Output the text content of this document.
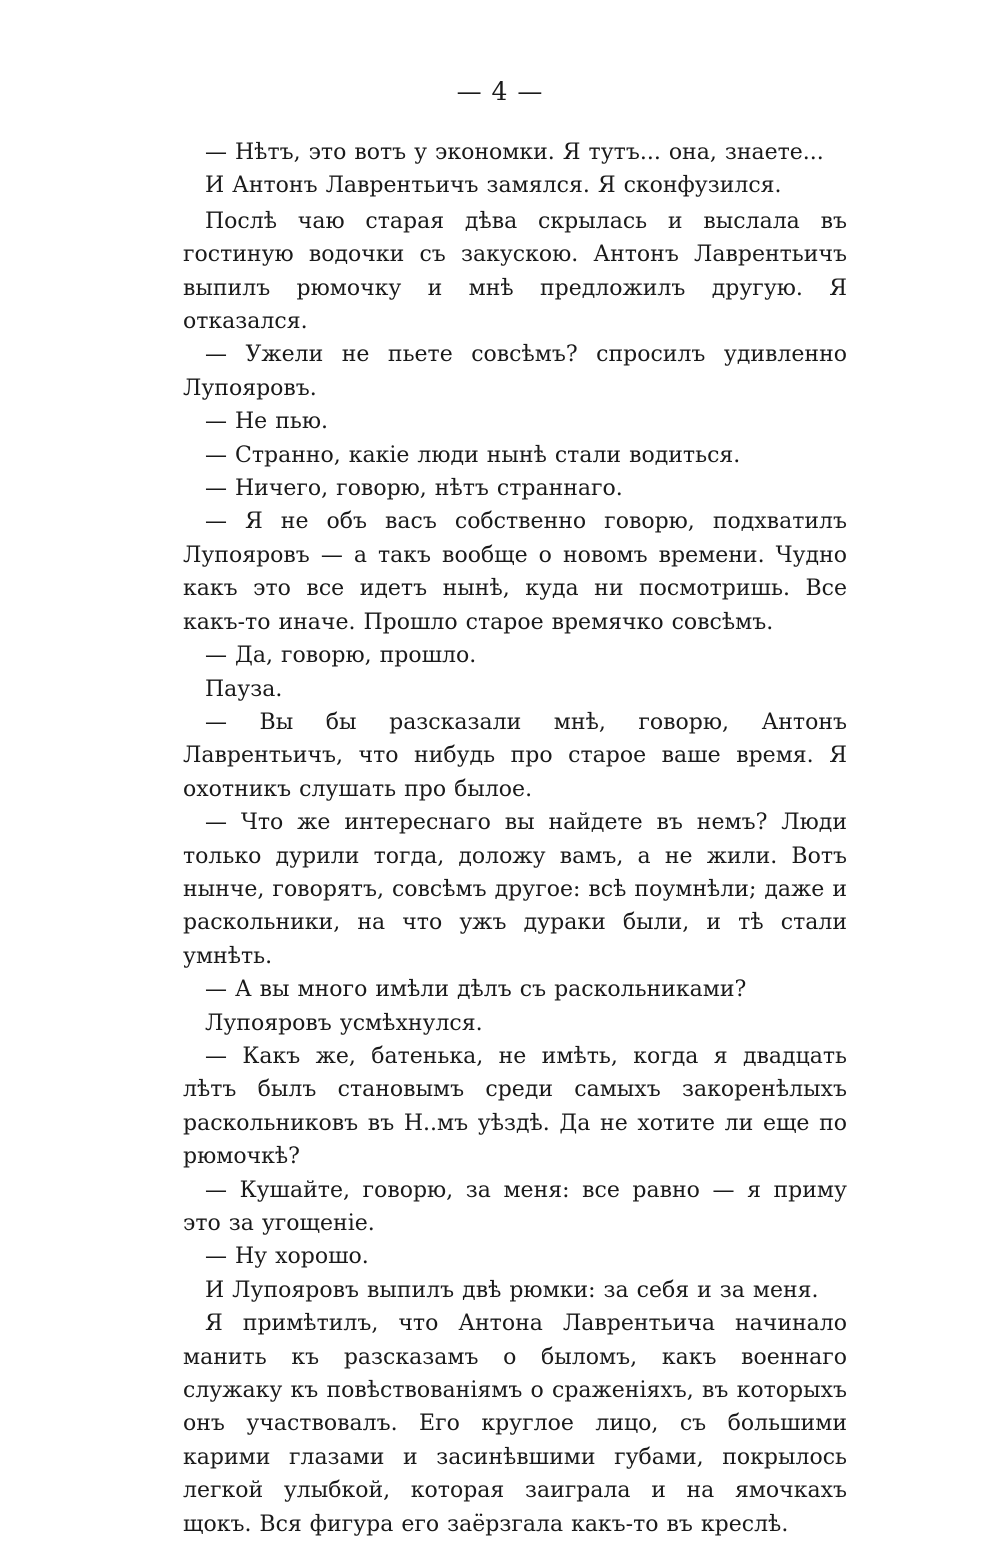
— 4 —

— Нѣтъ, это вотъ у экономки. Я тутъ... она, знаете...

И Антонъ Лаврентьичъ замялся. Я сконфузился.

Послѣ чаю старая дѣва скрылась и выслала въ гостиную водочки съ закускою. Антонъ Лаврентьичъ выпилъ рюмочку и мнѣ предложилъ другую. Я отказался.

— Ужели не пьете совсѣмъ? спросилъ удивленно Лупояровъ.

— Не пью.

— Странно, какіе люди нынѣ стали водиться.

— Ничего, говорю, нѣтъ страннаго.

— Я не объ васъ собственно говорю, подхватилъ Лупояровъ — а такъ вообще о новомъ времени. Чудно какъ это все идетъ нынѣ, куда ни посмотришь. Все какъ-то иначе. Прошло старое времячко совсѣмъ.

— Да, говорю, прошло.

Пауза.

— Вы бы разсказали мнѣ, говорю, Антонъ Лаврентьичъ, что нибудь про старое ваше время. Я охотникъ слушать про былое.

— Что же интереснаго вы найдете въ немъ? Люди только дурили тогда, доложу вамъ, а не жили. Вотъ нынче, говорятъ, совсѣмъ другое: всѣ поумнѣли; даже и раскольники, на что ужъ дураки были, и тѣ стали умнѣть.

— А вы много имѣли дѣлъ съ раскольниками?

Лупояровъ усмѣхнулся.

— Какъ же, батенька, не имѣть, когда я двадцать лѣтъ былъ становымъ среди самыхъ закоренѣлыхъ раскольниковъ въ Н..мъ уѣздѣ. Да не хотите ли еще по рюмочкѣ?

— Кушайте, говорю, за меня: все равно — я приму это за угощеніе.

— Ну хорошо.

И Лупояровъ выпилъ двѣ рюмки: за себя и за меня.

Я примѣтилъ, что Антона Лаврентьича начинало манить къ разсказамъ о быломъ, какъ военнаго служаку къ повѣствованіямъ о сраженіяхъ, въ которыхъ онъ участвовалъ. Его круглое лицо, съ большими карими глазами и засинѣвшими губами, покрылось легкой улыбкой, которая заиграла и на ямочкахъ щокъ. Вся фигура его заёрзгала какъ-то въ креслѣ.
